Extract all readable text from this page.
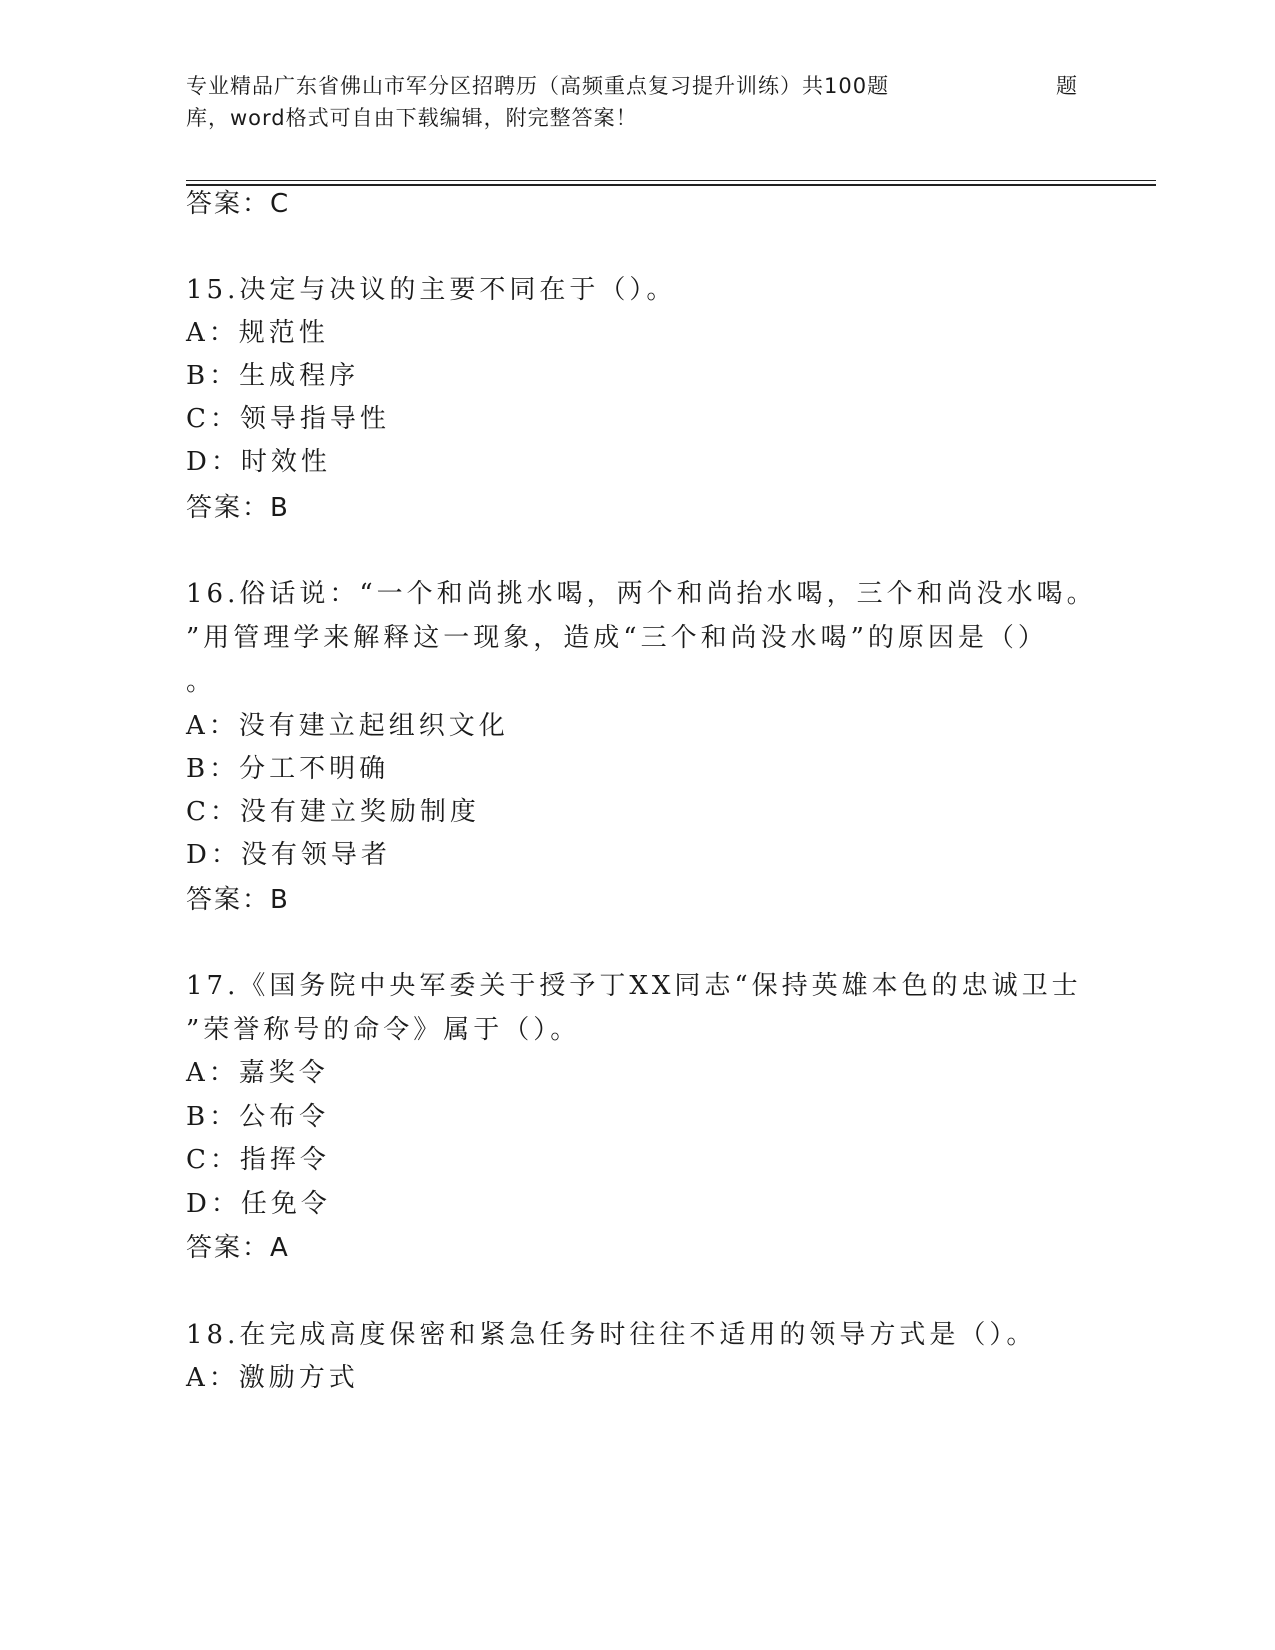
专业精品广东省佛山市军分区招聘历（高频重点复习提升训练）共100题	题
库，word格式可自由下载编辑，附完整答案！
答案：C
15.决定与决议的主要不同在于（）。
A：规范性
B：生成程序
C：领导指导性
D：时效性
答案：B
16.俗话说：“一个和尚挑水喝，两个和尚抬水喝，三个和尚没水喝。
”用管理学来解释这一现象，造成“三个和尚没水喝”的原因是（）
。
A：没有建立起组织文化
B：分工不明确
C：没有建立奖励制度
D：没有领导者
答案：B
17.《国务院中央军委关于授予丁XX同志“保持英雄本色的忠诚卫士
”荣誉称号的命令》属于（）。
A：嘉奖令
B：公布令
C：指挥令
D：任免令
答案：A
18.在完成高度保密和紧急任务时往往不适用的领导方式是（）。
A：激励方式
